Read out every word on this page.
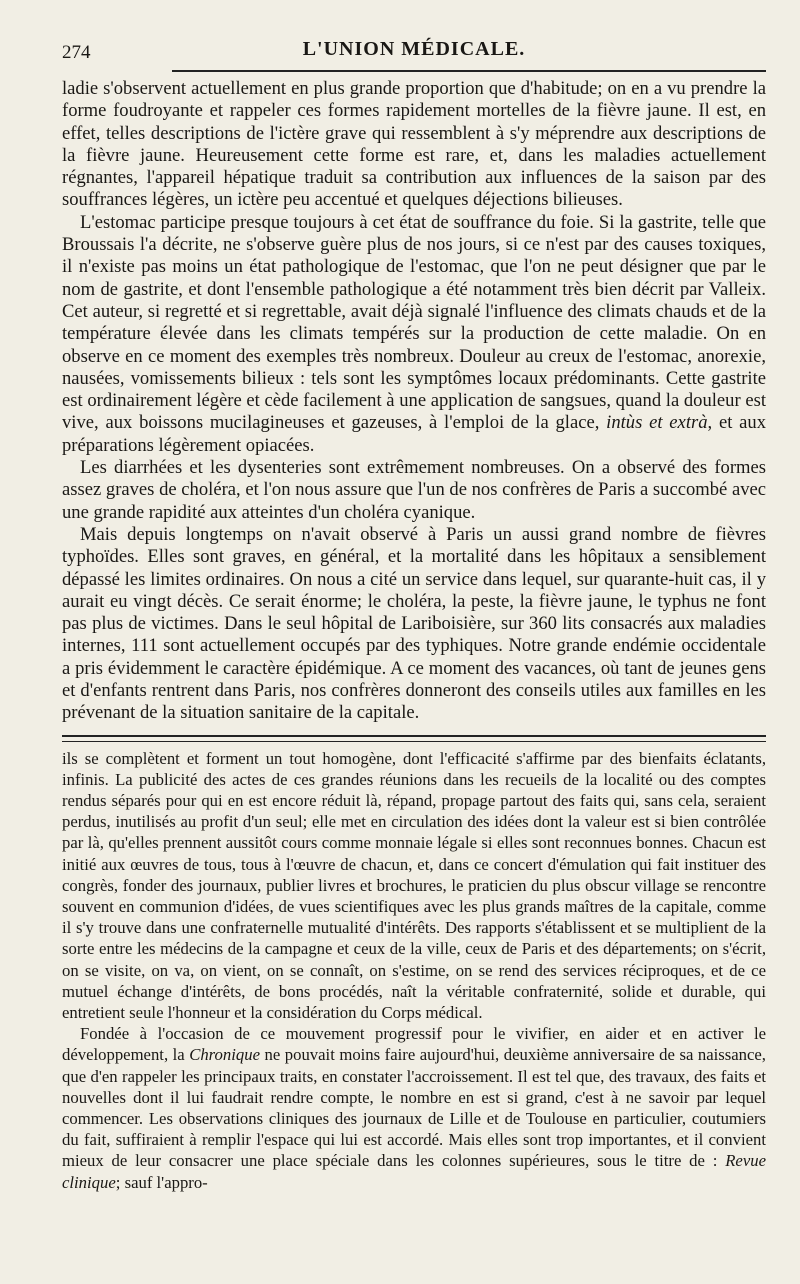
274	L'UNION MÉDICALE.

ladie s'observent actuellement en plus grande proportion que d'habitude; on en a vu prendre la forme foudroyante et rappeler ces formes rapidement mortelles de la fièvre jaune. Il est, en effet, telles descriptions de l'ictère grave qui ressemblent à s'y méprendre aux descriptions de la fièvre jaune. Heureusement cette forme est rare, et, dans les maladies actuellement régnantes, l'appareil hépatique traduit sa contribution aux influences de la saison par des souffrances légères, un ictère peu accentué et quelques déjections bilieuses.

L'estomac participe presque toujours à cet état de souffrance du foie. Si la gastrite, telle que Broussais l'a décrite, ne s'observe guère plus de nos jours, si ce n'est par des causes toxiques, il n'existe pas moins un état pathologique de l'estomac, que l'on ne peut désigner que par le nom de gastrite, et dont l'ensemble pathologique a été notamment très bien décrit par Valleix. Cet auteur, si regretté et si regrettable, avait déjà signalé l'influence des climats chauds et de la température élevée dans les climats tempérés sur la production de cette maladie. On en observe en ce moment des exemples très nombreux. Douleur au creux de l'estomac, anorexie, nausées, vomissements bilieux : tels sont les symptômes locaux prédominants. Cette gastrite est ordinairement légère et cède facilement à une application de sangsues, quand la douleur est vive, aux boissons mucilagineuses et gazeuses, à l'emploi de la glace, intùs et extrà, et aux préparations légèrement opiacées.

Les diarrhées et les dysenteries sont extrêmement nombreuses. On a observé des formes assez graves de choléra, et l'on nous assure que l'un de nos confrères de Paris a succombé avec une grande rapidité aux atteintes d'un choléra cyanique.

Mais depuis longtemps on n'avait observé à Paris un aussi grand nombre de fièvres typhoïdes. Elles sont graves, en général, et la mortalité dans les hôpitaux a sensiblement dépassé les limites ordinaires. On nous a cité un service dans lequel, sur quarante-huit cas, il y aurait eu vingt décès. Ce serait énorme; le choléra, la peste, la fièvre jaune, le typhus ne font pas plus de victimes. Dans le seul hôpital de Lariboisière, sur 360 lits consacrés aux maladies internes, 111 sont actuellement occupés par des typhiques. Notre grande endémie occidentale a pris évidemment le caractère épidémique. A ce moment des vacances, où tant de jeunes gens et d'enfants rentrent dans Paris, nos confrères donneront des conseils utiles aux familles en les prévenant de la situation sanitaire de la capitale.

ils se complètent et forment un tout homogène, dont l'efficacité s'affirme par des bienfaits éclatants, infinis. La publicité des actes de ces grandes réunions dans les recueils de la localité ou des comptes rendus séparés pour qui en est encore réduit là, répand, propage partout des faits qui, sans cela, seraient perdus, inutilisés au profit d'un seul; elle met en circulation des idées dont la valeur est si bien contrôlée par là, qu'elles prennent aussitôt cours comme monnaie légale si elles sont reconnues bonnes. Chacun est initié aux œuvres de tous, tous à l'œuvre de chacun, et, dans ce concert d'émulation qui fait instituer des congrès, fonder des journaux, publier livres et brochures, le praticien du plus obscur village se rencontre souvent en communion d'idées, de vues scientifiques avec les plus grands maîtres de la capitale, comme il s'y trouve dans une confraternelle mutualité d'intérêts. Des rapports s'établissent et se multiplient de la sorte entre les médecins de la campagne et ceux de la ville, ceux de Paris et des départements; on s'écrit, on se visite, on va, on vient, on se connaît, on s'estime, on se rend des services réciproques, et de ce mutuel échange d'intérêts, de bons procédés, naît la véritable confraternité, solide et durable, qui entretient seule l'honneur et la considération du Corps médical.

Fondée à l'occasion de ce mouvement progressif pour le vivifier, en aider et en activer le développement, la Chronique ne pouvait moins faire aujourd'hui, deuxième anniversaire de sa naissance, que d'en rappeler les principaux traits, en constater l'accroissement. Il est tel que, des travaux, des faits et nouvelles dont il lui faudrait rendre compte, le nombre en est si grand, c'est à ne savoir par lequel commencer. Les observations cliniques des journaux de Lille et de Toulouse en particulier, coutumiers du fait, suffiraient à remplir l'espace qui lui est accordé. Mais elles sont trop importantes, et il convient mieux de leur consacrer une place spéciale dans les colonnes supérieures, sous le titre de : Revue clinique; sauf l'appro-
